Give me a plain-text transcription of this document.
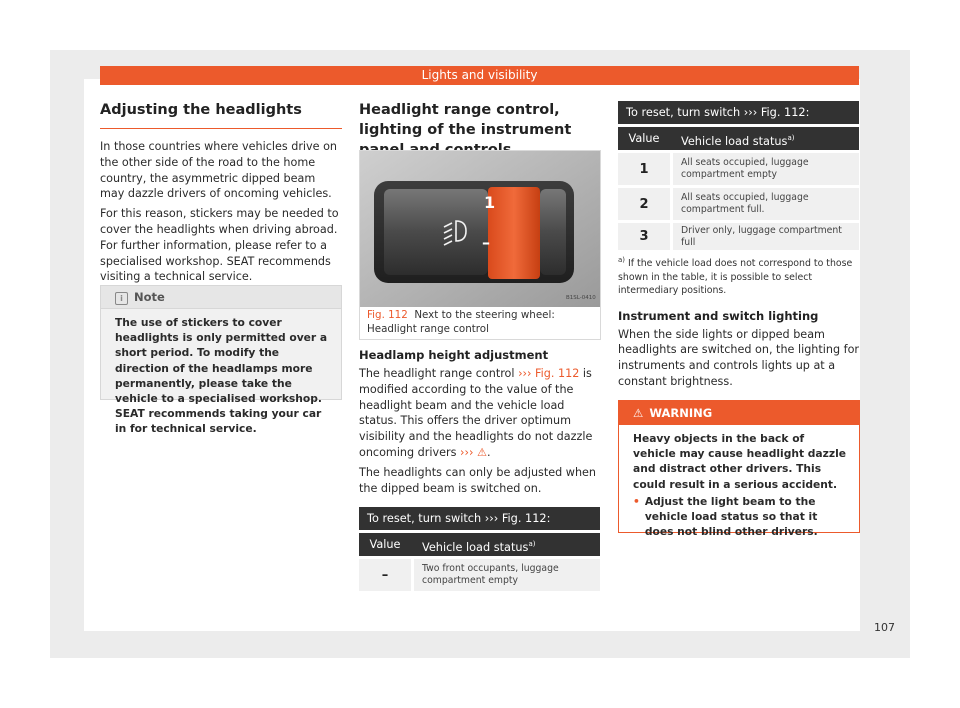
Lights and visibility
Adjusting the headlights

In those countries where vehicles drive on the other side of the road to the home country, the asymmetric dipped beam may dazzle drivers of oncoming vehicles.

For this reason, stickers may be needed to cover the headlights when driving abroad. For further information, please refer to a specialised workshop. SEAT recommends visiting a technical service.

i Note
The use of stickers to cover headlights is only permitted over a short period. To modify the direction of the headlamps more permanently, please take the vehicle to a specialised workshop. SEAT recommends taking your car in for technical service.
Headlight range control, lighting of the instrument
1
–
B1SL-0410
Fig. 112 Next to the steering wheel: Headlight range control
Headlamp height adjustment

The headlight range control ››› Fig. 112 is modified according to the value of the headlight beam and the vehicle load status. This offers the driver optimum visibility and the headlights do not dazzle oncoming drivers ››› ⚠.

The headlights can only be adjusted when the dipped beam is switched on.

To reset, turn switch ››› Fig. 112:
Value	Vehicle load status$^{a)}$
–	Two front occupants, luggage compartment empty
To reset, turn switch ››› Fig. 112:
Value	Vehicle load status$^{a)}$
1	All seats occupied, luggage compartment empty
2	All seats occupied, luggage compartment full.
3	Driver only, luggage compartment full
$^{a)}$ If the vehicle load does not correspond to those shown in the table, it is possible to select intermediary positions.
Instrument and switch lighting

When the side lights or dipped beam headlights are switched on, the lighting for instruments and controls lights up at a constant brightness.

⚠ WARNING
Heavy objects in the back of vehicle may cause headlight dazzle and distract other drivers. This could result in a serious accident.
• Adjust the light beam to the vehicle load status so that it does not blind other drivers.
107
